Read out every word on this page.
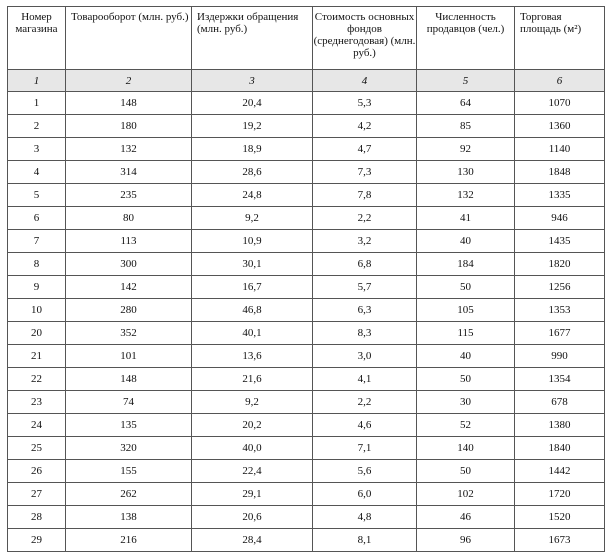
Номер магазина	Товарооборот (млн. руб.)	Издержки обращения (млн. руб.)	Стоимость основных фондов (среднегодовая) (млн. руб.)	Численность продавцов (чел.)	Торговая площадь (м²)
1	2	3	4	5	6
1	148	20,4	5,3	64	1070
2	180	19,2	4,2	85	1360
3	132	18,9	4,7	92	1140
4	314	28,6	7,3	130	1848
5	235	24,8	7,8	132	1335
6	80	9,2	2,2	41	946
7	113	10,9	3,2	40	1435
8	300	30,1	6,8	184	1820
9	142	16,7	5,7	50	1256
10	280	46,8	6,3	105	1353
20	352	40,1	8,3	115	1677
21	101	13,6	3,0	40	990
22	148	21,6	4,1	50	1354
23	74	9,2	2,2	30	678
24	135	20,2	4,6	52	1380
25	320	40,0	7,1	140	1840
26	155	22,4	5,6	50	1442
27	262	29,1	6,0	102	1720
28	138	20,6	4,8	46	1520
29	216	28,4	8,1	96	1673
